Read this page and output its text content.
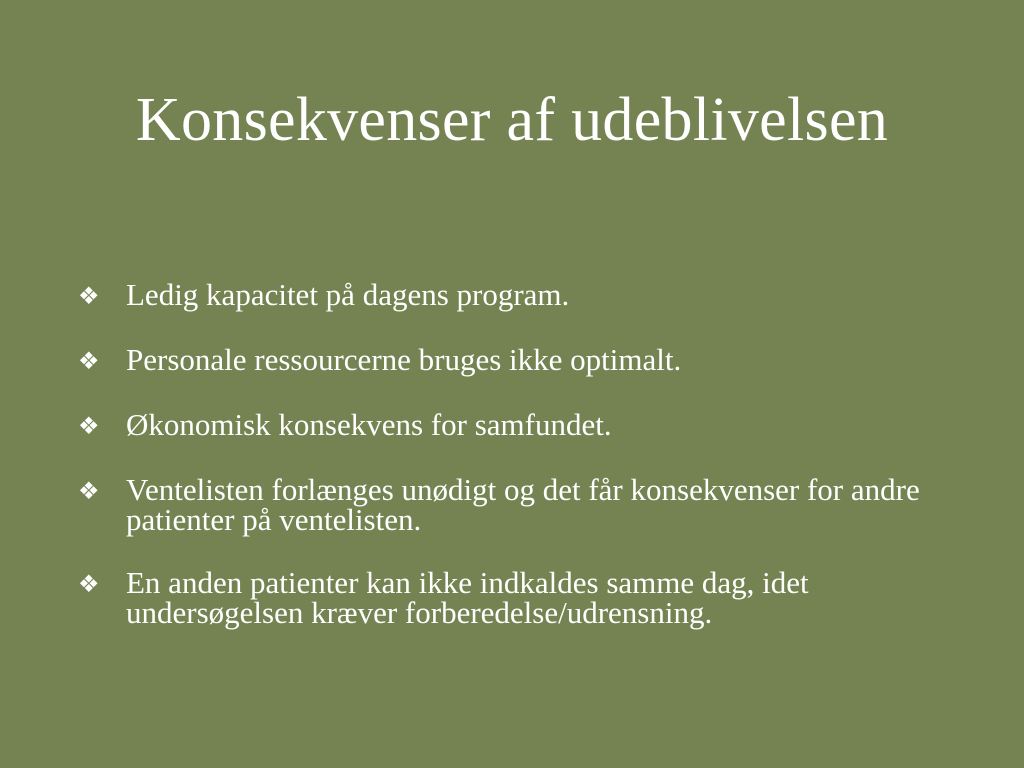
Konsekvenser af udeblivelsen
❖ Ledig kapacitet på dagens program.
❖ Personale ressourcerne bruges ikke optimalt.
❖ Økonomisk konsekvens for samfundet.
❖ Ventelisten forlænges unødigt og det får konsekvenser for andre patienter på ventelisten.
❖ En anden patienter kan ikke indkaldes samme dag, idet undersøgelsen kræver forberedelse/udrensning.
